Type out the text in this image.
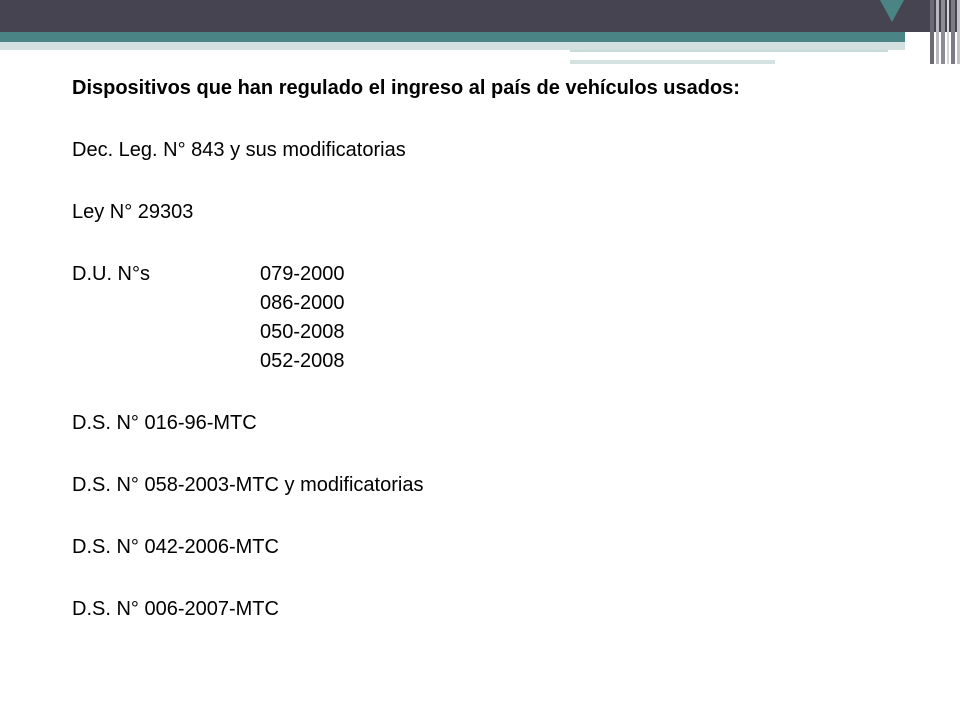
Dispositivos que han regulado el ingreso al país de vehículos usados:

Dec. Leg. N° 843 y sus modificatorias

Ley N° 29303

D.U. N°s	079-2000
086-2000
050-2008
052-2008

D.S. N° 016-96-MTC

D.S. N° 058-2003-MTC y modificatorias

D.S. N° 042-2006-MTC

D.S. N° 006-2007-MTC
